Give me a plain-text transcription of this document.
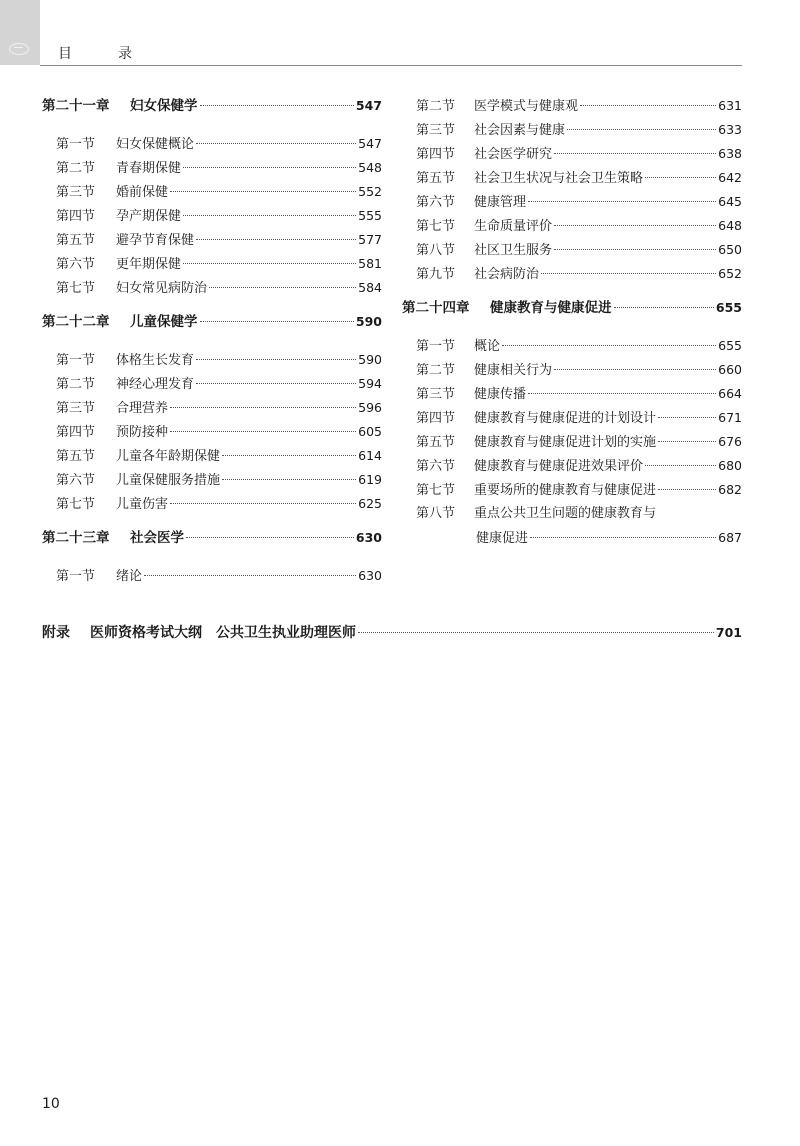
目　录
第二十一章	妇女保健学	547
第一节	妇女保健概论	547
第二节	青春期保健	548
第三节	婚前保健	552
第四节	孕产期保健	555
第五节	避孕节育保健	577
第六节	更年期保健	581
第七节	妇女常见病防治	584
第二十二章	儿童保健学	590
第一节	体格生长发育	590
第二节	神经心理发育	594
第三节	合理营养	596
第四节	预防接种	605
第五节	儿童各年龄期保健	614
第六节	儿童保健服务措施	619
第七节	儿童伤害	625
第二十三章	社会医学	630
第一节	绪论	630
第二节	医学模式与健康观	631
第三节	社会因素与健康	633
第四节	社会医学研究	638
第五节	社会卫生状况与社会卫生策略	642
第六节	健康管理	645
第七节	生命质量评价	648
第八节	社区卫生服务	650
第九节	社会病防治	652
第二十四章	健康教育与健康促进	655
第一节	概论	655
第二节	健康相关行为	660
第三节	健康传播	664
第四节	健康教育与健康促进的计划设计	671
第五节	健康教育与健康促进计划的实施	676
第六节	健康教育与健康促进效果评价	680
第七节	重要场所的健康教育与健康促进	682
第八节	重点公共卫生问题的健康教育与
健康促进	687
附录	医师资格考试大纲　公共卫生执业助理医师	701
10
